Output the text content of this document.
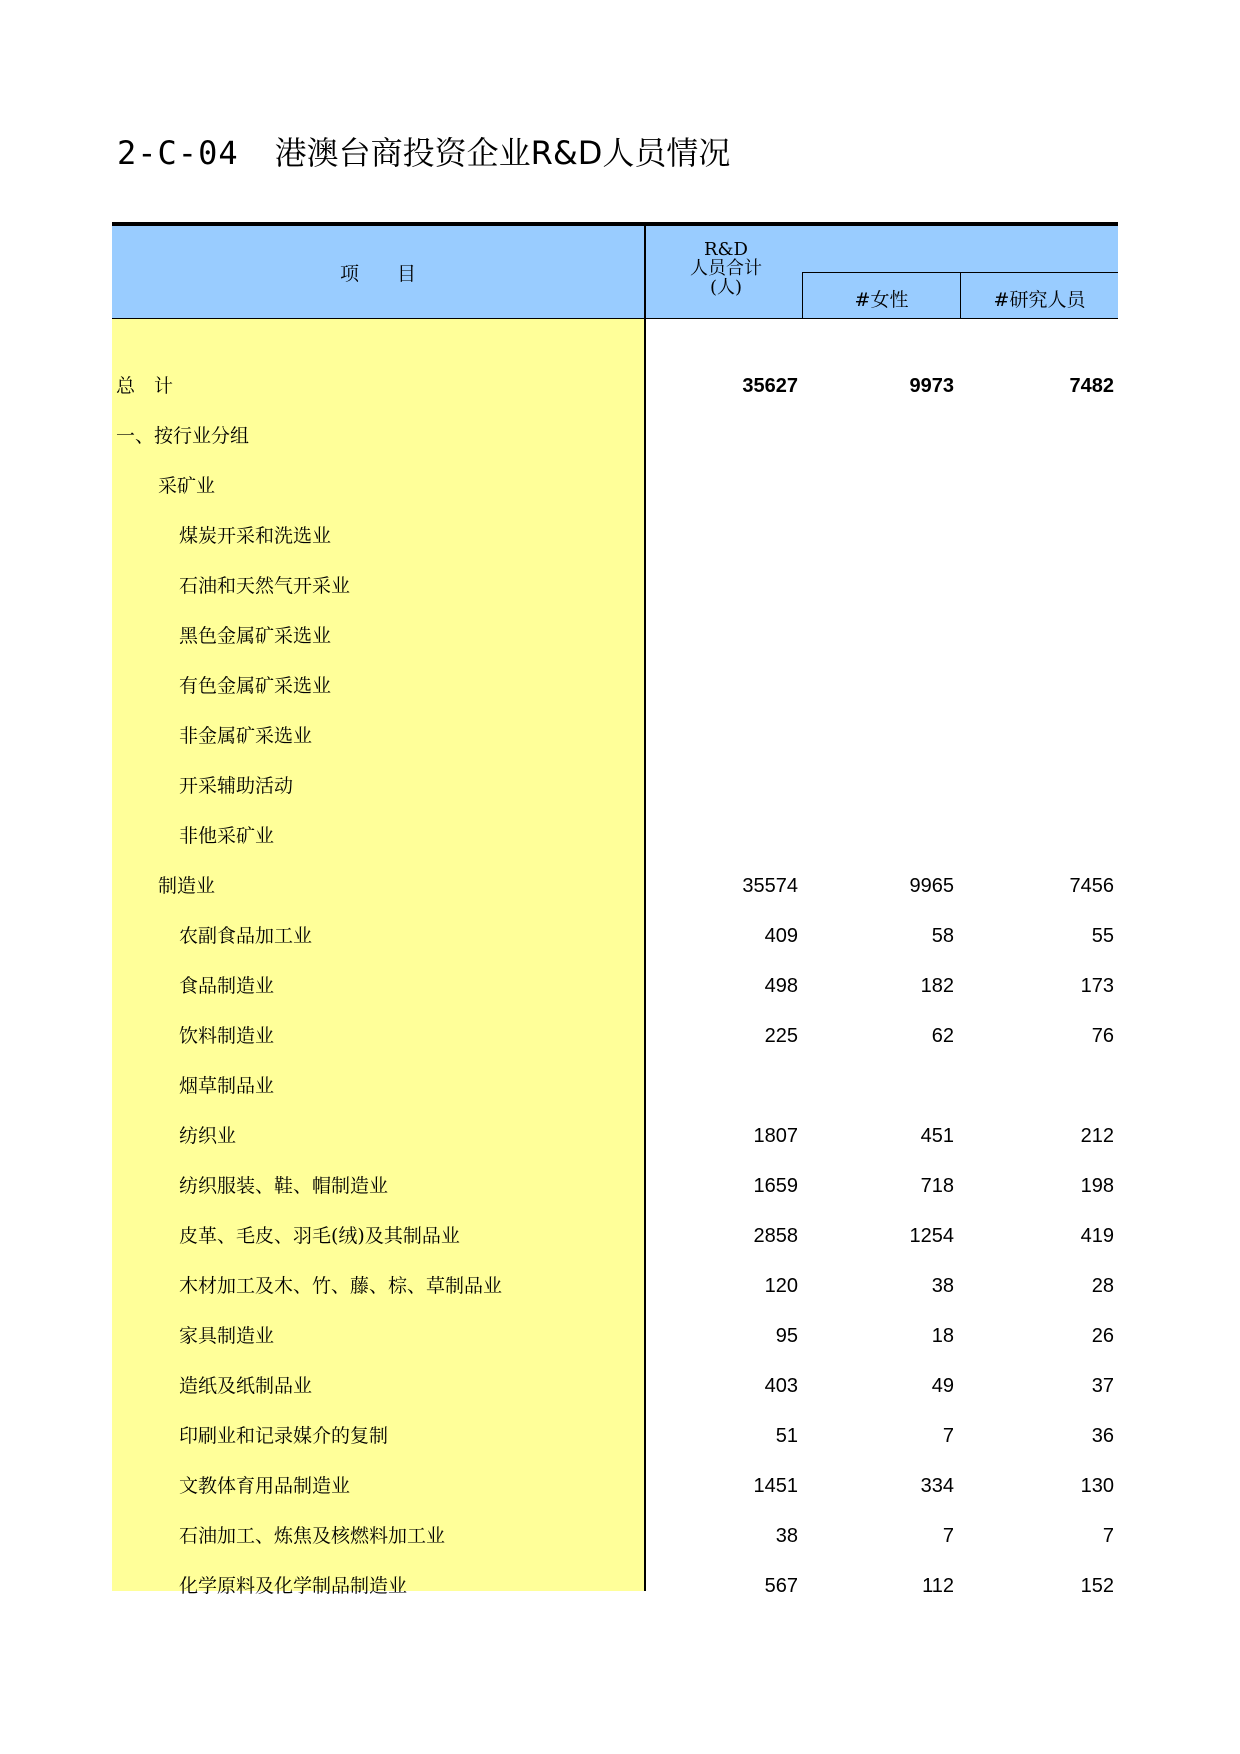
2-C-04 港澳台商投资企业R&D人员情况
项　　目
R&D
人员合计
(人)
#女性	#研究人员
总　计	35627	9973	7482
一、按行业分组
采矿业
煤炭开采和洗选业
石油和天然气开采业
黑色金属矿采选业
有色金属矿采选业
非金属矿采选业
开采辅助活动
非他采矿业
制造业	35574	9965	7456
农副食品加工业	409	58	55
食品制造业	498	182	173
饮料制造业	225	62	76
烟草制品业
纺织业	1807	451	212
纺织服装、鞋、帽制造业	1659	718	198
皮革、毛皮、羽毛(绒)及其制品业	2858	1254	419
木材加工及木、竹、藤、棕、草制品业	120	38	28
家具制造业	95	18	26
造纸及纸制品业	403	49	37
印刷业和记录媒介的复制	51	7	36
文教体育用品制造业	1451	334	130
石油加工、炼焦及核燃料加工业	38	7	7
化学原料及化学制品制造业	567	112	152
